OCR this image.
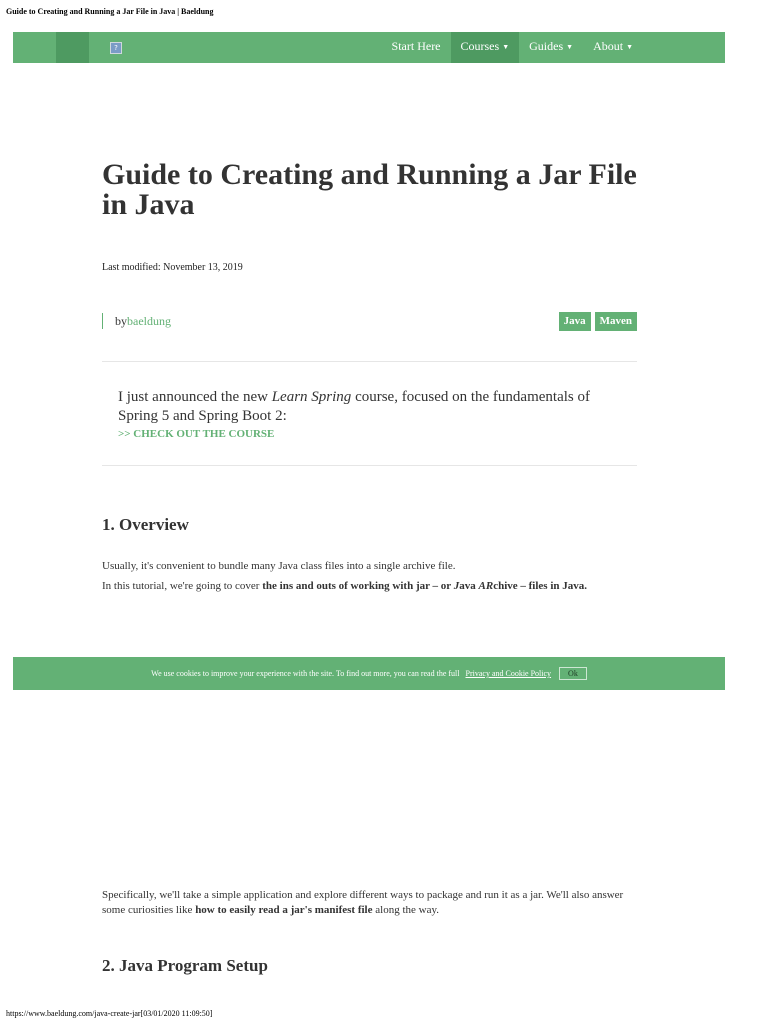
Guide to Creating and Running a Jar File in Java | Baeldung
?	Start Here	Courses ▼	Guides ▼	About ▼
Guide to Creating and Running a Jar File in Java
Last modified: November 13, 2019
bybaeldung	Java	Maven

I just announced the new Learn Spring course, focused on the fundamentals of Spring 5 and Spring Boot 2:

>> CHECK OUT THE COURSE
1. Overview

Usually, it's convenient to bundle many Java class files into a single archive file.

In this tutorial, we're going to cover the ins and outs of working with jar – or Java ARchive – files in Java.

We use cookies to improve your experience with the site. To find out more, you can read the full Privacy and Cookie Policy	Ok

Specifically, we'll take a simple application and explore different ways to package and run it as a jar. We'll also answer some curiosities like how to easily read a jar's manifest file along the way.

2. Java Program Setup
https://www.baeldung.com/java-create-jar[03/01/2020 11:09:50]
